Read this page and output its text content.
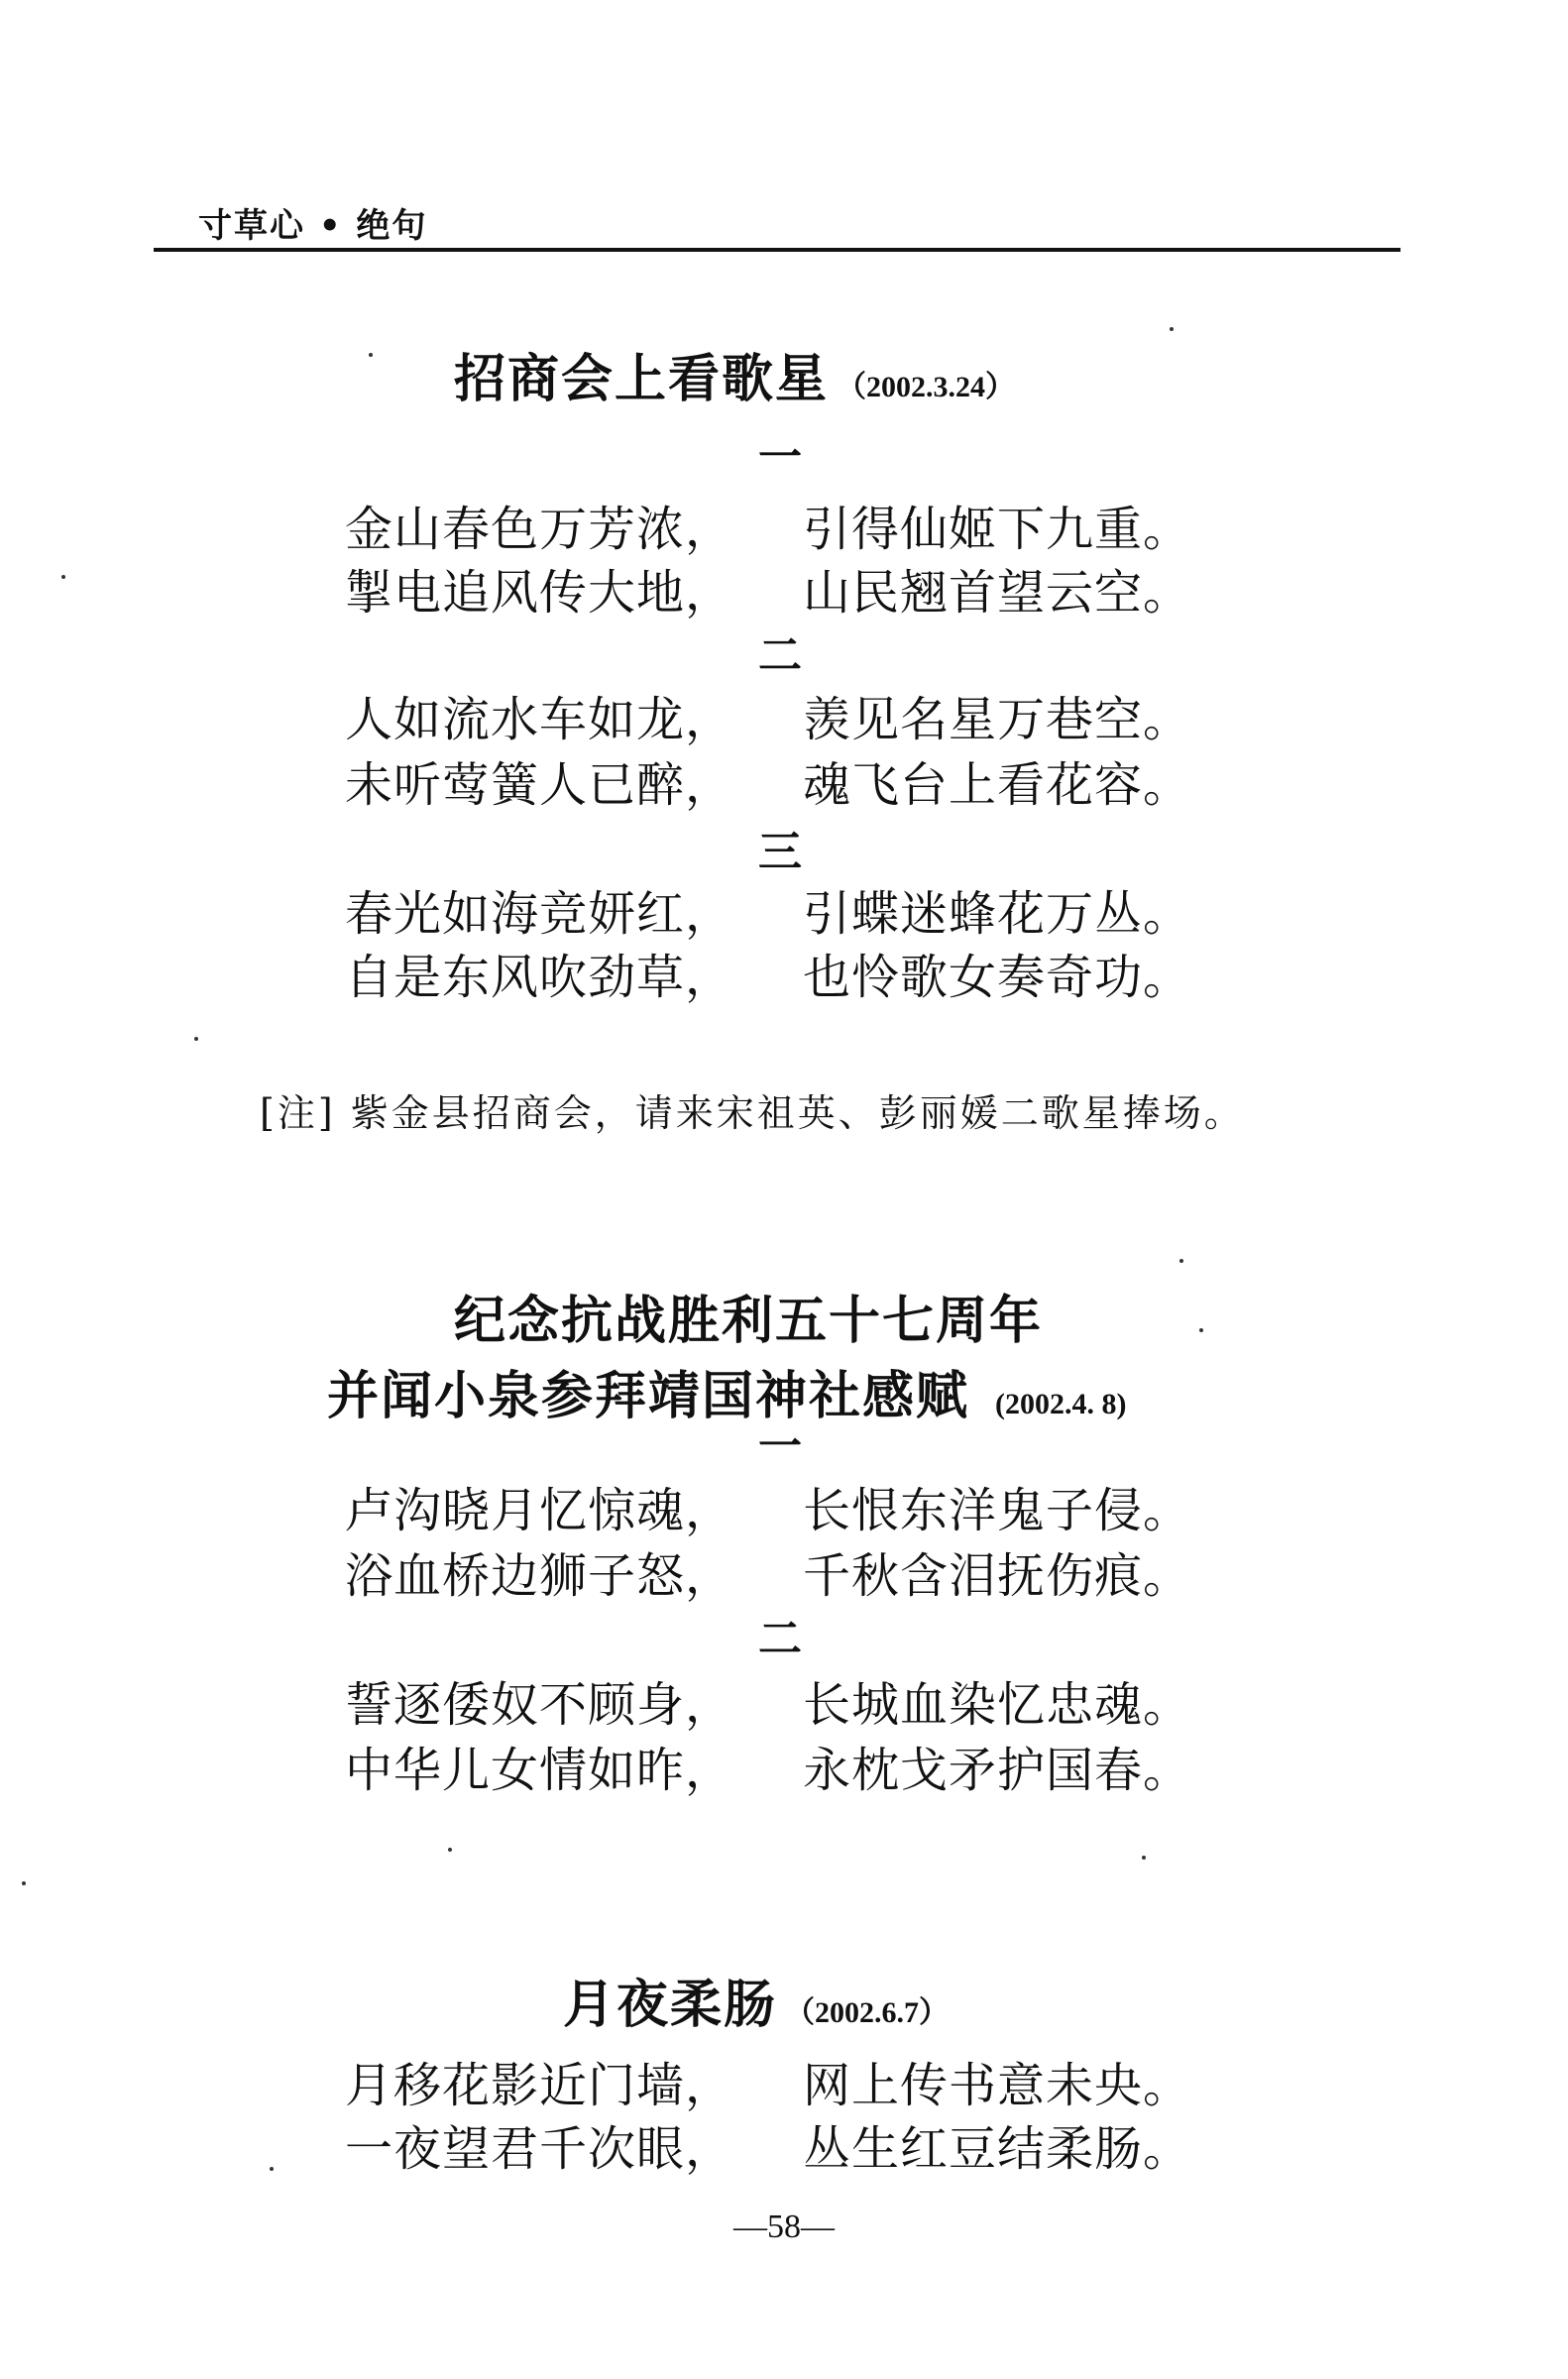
寸草心 • 绝句
招商会上看歌星 （2002.3.24）
一
金山春色万芳浓， 引得仙姬下九重。
掣电追风传大地， 山民翘首望云空。
二
人如流水车如龙， 羡见名星万巷空。
未听莺簧人已醉， 魂飞台上看花容。
三
春光如海竞妍红， 引蝶迷蜂花万丛。
自是东风吹劲草， 也怜歌女奏奇功。
[注] 紫金县招商会，请来宋祖英、彭丽媛二歌星捧场。
纪念抗战胜利五十七周年
并闻小泉参拜靖国神社感赋 (2002.4. 8)
一
卢沟晓月忆惊魂， 长恨东洋鬼子侵。
浴血桥边狮子怒， 千秋含泪抚伤痕。
二
誓逐倭奴不顾身， 长城血染忆忠魂。
中华儿女情如昨， 永枕戈矛护国春。
月夜柔肠 （2002.6.7）
月移花影近门墙， 网上传书意未央。
一夜望君千次眼， 丛生红豆结柔肠。
—58—
